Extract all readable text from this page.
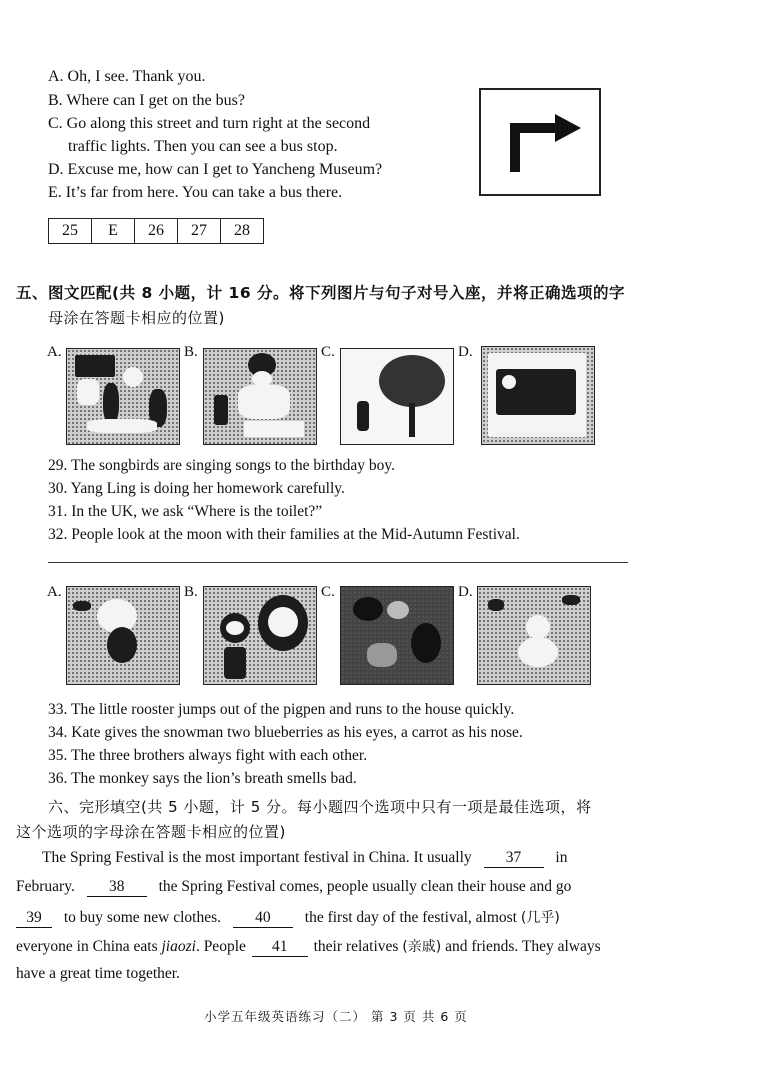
A. Oh, I see. Thank you.
B. Where can I get on the bus?
C. Go along this street and turn right at the second
traffic lights. Then you can see a bus stop.
D. Excuse me, how can I get to Yancheng Museum?
E. It’s far from here. You can take a bus there.
25	E	26	27	28
五、图文匹配(共 8 小题，计 16 分。将下列图片与句子对号入座，并将正确选项的字
母涂在答题卡相应的位置)
A.	B.	C.	D.
29. The songbirds are singing songs to the birthday boy.
30. Yang Ling is doing her homework carefully.
31. In the UK, we ask “Where is the toilet?”
32. People look at the moon with their families at the Mid-Autumn Festival.
A.	B.	C.	D.
33. The little rooster jumps out of the pigpen and runs to the house quickly.
34. Kate gives the snowman two blueberries as his eyes, a carrot as his nose.
35. The three brothers always fight with each other.
36. The monkey says the lion’s breath smells bad.
六、完形填空(共 5 小题，计 5 分。每小题四个选项中只有一项是最佳选项，将
这个选项的字母涂在答题卡相应的位置)
The Spring Festival is the most important festival in China. It usually 37 in
February. 38 the Spring Festival comes, people usually clean their house and go
39 to buy some new clothes. 40 the first day of the festival, almost (几乎)
everyone in China eats jiaozi. People 41 their relatives (亲戚) and friends. They always
have a great time together.
小学五年级英语练习（二） 第 3 页 共 6 页
